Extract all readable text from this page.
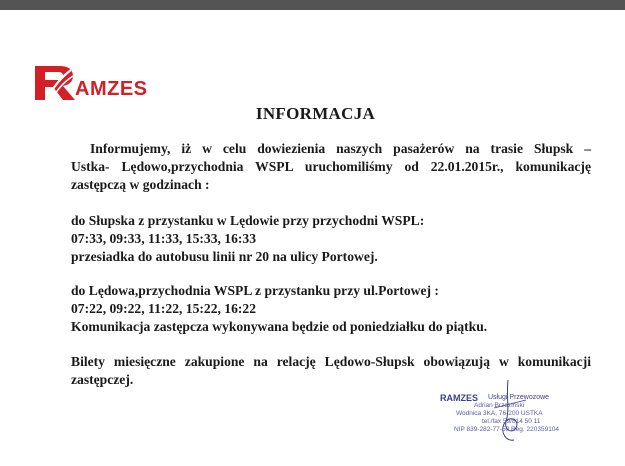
AMZES
INFORMACJA
Informujemy, iż w celu dowiezienia naszych pasażerów na trasie Słupsk –
Ustka- Lędowo,przychodnia WSPL uruchomiliśmy od 22.01.2015r., komunikację zastępczą w godzinach :
do Słupska z przystanku w Lędowie przy przychodni WSPL:
07:33, 09:33, 11:33, 15:33, 16:33
przesiadka do autobusu linii nr 20 na ulicy Portowej.
do Lędowa,przychodnia WSPL z przystanku przy ul.Portowej :
07:22, 09:22, 11:22, 15:22, 16:22
Komunikacja zastępcza wykonywana będzie od poniedziałku do piątku.
Bilety miesięczne zakupione na relację Lędowo-Słupsk obowiązują w komunikacji zastępczej.
RAMZES Usługi Przewozowe
Adrian Brzeziński
Wodnica 3KA, 76-200 USTKA
tel./fax 59/814 50 11
NIP 839-282-77-50 Reg. 220359104
